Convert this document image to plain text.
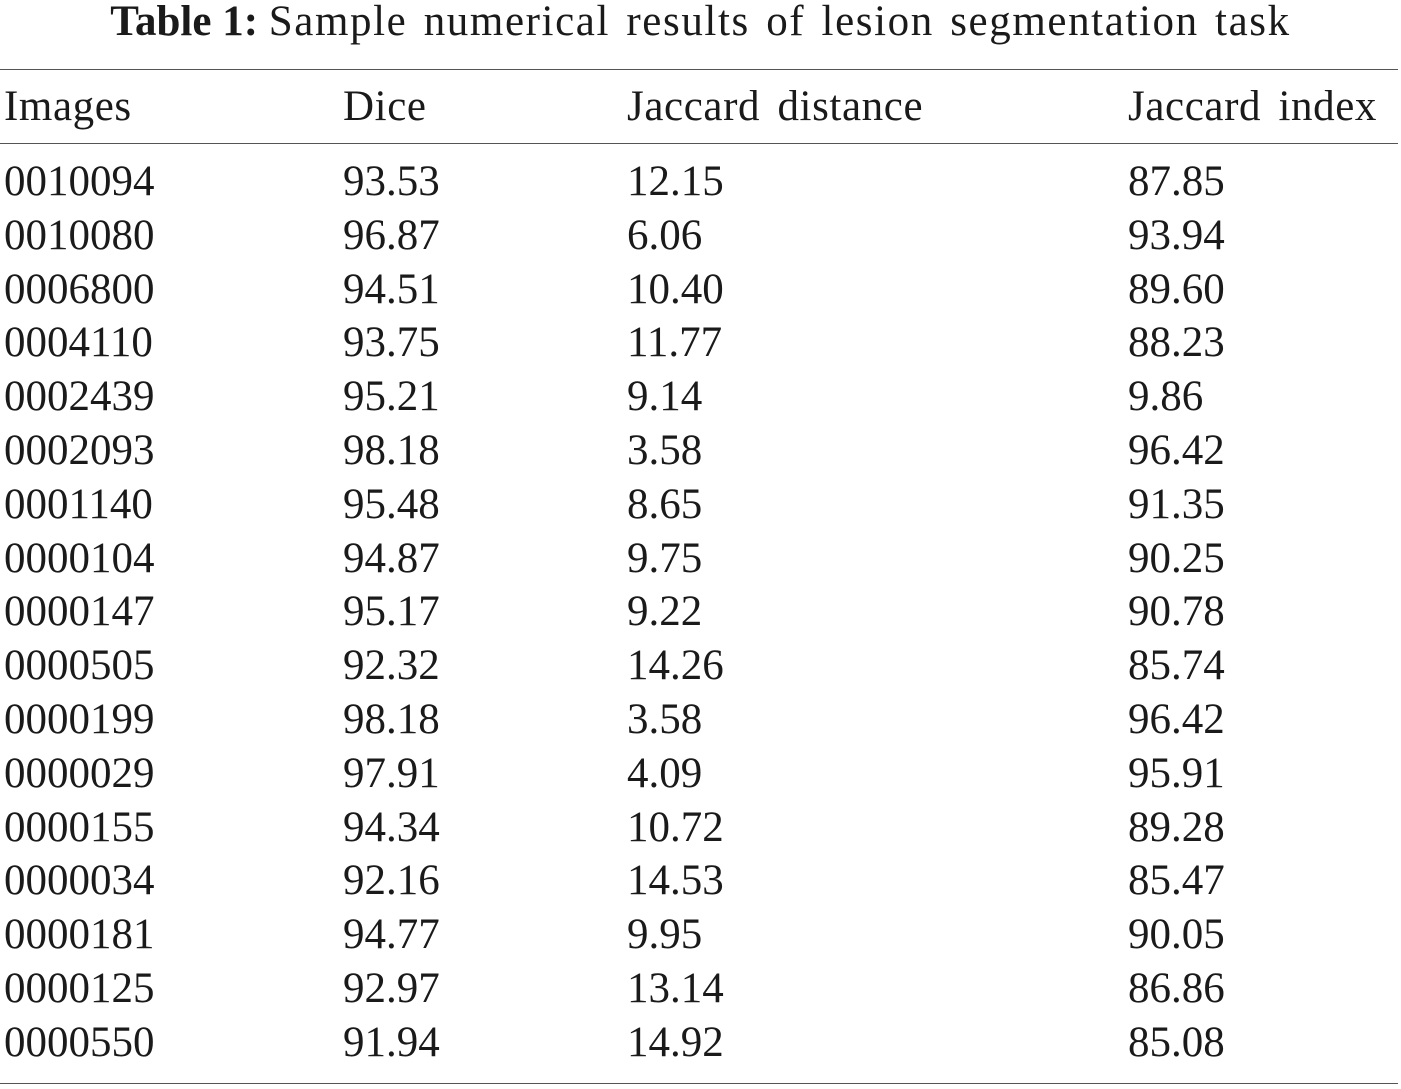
Table 1: Sample numerical results of lesion segmentation task
Images	Dice	Jaccard distance	Jaccard index
0010094	93.53	12.15	87.85
0010080	96.87	6.06	93.94
0006800	94.51	10.40	89.60
0004110	93.75	11.77	88.23
0002439	95.21	9.14	9.86
0002093	98.18	3.58	96.42
0001140	95.48	8.65	91.35
0000104	94.87	9.75	90.25
0000147	95.17	9.22	90.78
0000505	92.32	14.26	85.74
0000199	98.18	3.58	96.42
0000029	97.91	4.09	95.91
0000155	94.34	10.72	89.28
0000034	92.16	14.53	85.47
0000181	94.77	9.95	90.05
0000125	92.97	13.14	86.86
0000550	91.94	14.92	85.08
